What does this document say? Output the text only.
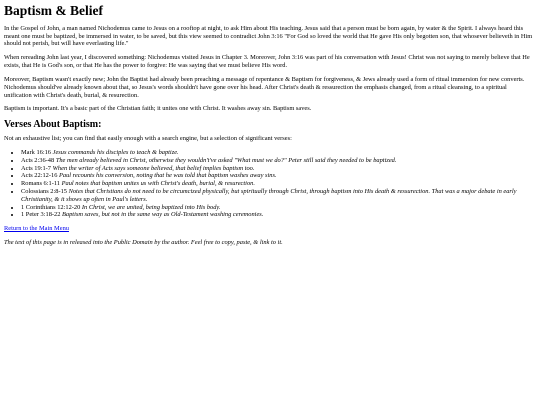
Baptism & Belief

In the Gospel of John, a man named Nichodemus came to Jesus on a rooftop at night, to ask Him about His teaching. Jesus said that a person must be born again, by water & the Spirit. I always heard this meant one must be baptized, be immersed in water, to be saved, but this view seemed to contradict John 3:16 "For God so loved the world that He gave His only begotten son, that whosever believeth in Him should not perish, but will have everlasting life."

When rereading John last year, I discovered something: Nichodemus visited Jesus in Chapter 3. Moreover, John 3:16 was part of his conversation with Jesus! Christ was not saying to merely believe that He exists, that He is God's son, or that He has the power to forgive: He was saying that we must believe His word.

Moreover, Baptism wasn't exactly new; John the Baptist had already been preaching a message of repentance & Baptism for forgiveness, & Jews already used a form of ritual immersion for new converts. Nichodemus should've already known about that, so Jesus's words shouldn't have gone over his head. After Christ's death & ressurection the emphasis changed, from a ritual cleansing, to a spiritual unification with Christ's death, burial, & resurection.

Baptism is important. It's a basic part of the Christian faith; it unites one with Christ. It washes away sin. Baptism saves.

Verses About Baptism:

Not an exhaustive list; you can find that easily enough with a search engine, but a selection of significant verses:

• Mark 16:16 Jesus commands his disciples to teach & baptize.
• Acts 2:36-48 The men already believed in Christ, otherwise they wouldn't've asked "What must we do?" Peter still said they needed to be baptized.
• Acts 19:1-7 When the writer of Acts says someone believed, that belief implies baptism too.
• Acts 22:12-16 Paul recounts his conversion, noting that he was told that baptism washes away sins.
• Romans 6:1-11 Paul notes that baptism unites us with Christ's death, burial, & resurection.
• Colossians 2:8-15 Notes that Christians do not need to be circumcized physically, but spiritually through Christ, through baptism into His death & ressurection. That was a major debate in early Christianity, & it shows up often in Paul's letters.
• 1 Corinthians 12:12-20 In Christ, we are united, being baptized into His body.
• 1 Peter 3:18-22 Baptism saves, but not in the same way as Old-Testament washing ceremonies.

Return to the Main Menu

The text of this page is in released into the Public Domain by the author. Feel free to copy, paste, & link to it.
